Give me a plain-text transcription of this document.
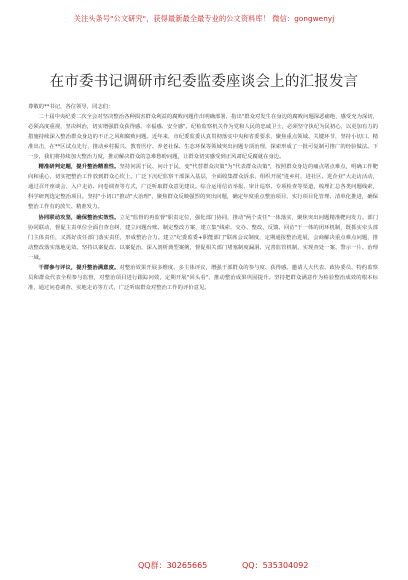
关注头条号"公文研究"，获得最新最全最专业的公文资料库！ 微信：gongwenyj
在市委书记调研市纪委监委座谈会上的汇报发言

尊敬的**书记，各位领导，同志们：

二十届中央纪委二次全会对坚决整治各种损害群众利益的腐败问题作出明确部署，指出"群众对发生在身边的腐败问题深恶痛绝，感受充为深切，必须高度重视，坚决纠治，切实增强群众获得感、幸福感、安全感"。纪检监察机关作为党和人民的忠诚卫士，必须坚守执纪为民初心，以更加有力的措施持续深入整治群众身边的不正之风和腐败问题。近年来，市纪委监委认真贯彻落实中央和省委要求，聚焦重点领域、关键环节，坚持小切口、精准出击，在**区试点先行，推动乡村振兴、教育医疗、养老社保、生态环保等领域突出问题专项治理，探索形成了一批可复制可推广的经验做法。下一步，我们将持续加大整治力度，推动解决群众的急难愁盼问题，让群众切实感受到正风肃纪反腐就在身边。

精准研判定题，提升整治精准性。坚持问需于民、问计于民，变"代替群众决策"为"代表群众决策"，按照群众身边的痛点堵点难点，明确工作靶向和重心，切实把整治工作放到群众心坎上。广泛下沉纪监察干部深入基层，全面收集群众诉求，组织开展"进乡村、进社区、进企业"大走访活动，通过召开座谈会、入户走访、问卷调查等方式，广泛听取群众意见建议。综合运用信访举报、审计巡察、专项检查等渠道，梳理汇总各类问题线索，科学研判选定整治项目。坚持"小切口"推动"大治理"，聚焦群众反映强烈的突出问题，确定年度重点整治项目，实行项目化管理、清单化推进，确保整治工作有的放矢、精准发力。

协同联动攻坚，确保整治实效性。立足"监督的再监督"职责定位，强化部门协同，推动"两个责任"一体落实，聚焦突出问题精准靶向发力。部门协同联动，督促主责单位全面自查自纠，建立问题台账、制定整改方案，建立集"线索、交办、整改、反馈、回访"于一体的闭环机制，既抓实牵头部门主体责任，又抓好责任部门落实责任，形成整治合力。建立"纪委监委+职能部门"联席会议制度，定期通报整治进展，会商解决重点难点问题，推动整改落实落地见效。坚持以案促改、以案促治，深入剖析典型案例，督促相关部门堵塞制度漏洞、完善监管机制，实现查处一案、警示一片、治理一域。

干群参与评议，提升整治满意度。对整治效果开展多维度、多主体评议，增强干部群众的参与度、获得感。邀请人大代表、政协委员、特约监察员和群众代表全程参与监督，对整治项目进行跟踪问效，定期开展"回头看"，推动整治成果巩固提升。坚持把群众满意作为检验整治成效的根本标准，通过问卷调查、实地走访等方式，广泛听取群众对整治工作的评价意见。

QQ群：30265665	QQ：535304092
